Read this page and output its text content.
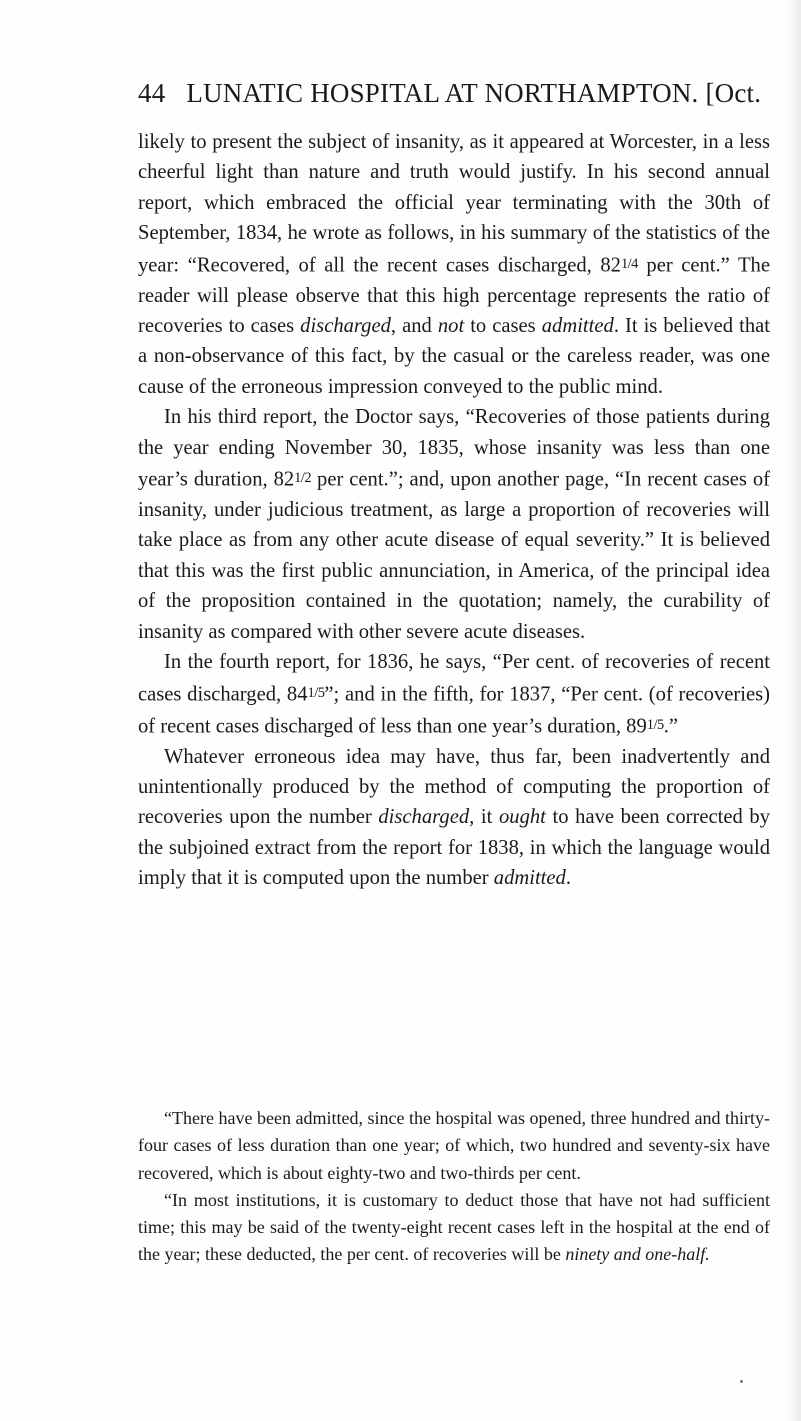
44 LUNATIC HOSPITAL AT NORTHAMPTON. [Oct.

likely to present the subject of insanity, as it appeared at Worcester, in a less cheerful light than nature and truth would justify. In his second annual report, which embraced the official year terminating with the 30th of September, 1834, he wrote as follows, in his summary of the statistics of the year: “Recovered, of all the recent cases discharged, 821/4 per cent.” The reader will please observe that this high percentage represents the ratio of recoveries to cases discharged, and not to cases admitted. It is believed that a non-observance of this fact, by the casual or the careless reader, was one cause of the erroneous impression conveyed to the public mind.

In his third report, the Doctor says, “Recoveries of those patients during the year ending November 30, 1835, whose insanity was less than one year’s duration, 821/2 per cent.”; and, upon another page, “In recent cases of insanity, under judicious treatment, as large a proportion of recoveries will take place as from any other acute disease of equal severity.” It is believed that this was the first public annunciation, in America, of the principal idea of the proposition contained in the quotation; namely, the curability of insanity as compared with other severe acute diseases.

In the fourth report, for 1836, he says, “Per cent. of recoveries of recent cases discharged, 841/5”; and in the fifth, for 1837, “Per cent. (of recoveries) of recent cases discharged of less than one year’s duration, 891/5.”

Whatever erroneous idea may have, thus far, been inadvertently and unintentionally produced by the method of computing the proportion of recoveries upon the number discharged, it ought to have been corrected by the subjoined extract from the report for 1838, in which the language would imply that it is computed upon the number admitted.

“There have been admitted, since the hospital was opened, three hundred and thirty-four cases of less duration than one year; of which, two hundred and seventy-six have recovered, which is about eighty-two and two-thirds per cent.

“In most institutions, it is customary to deduct those that have not had sufficient time; this may be said of the twenty-eight recent cases left in the hospital at the end of the year; these deducted, the per cent. of recoveries will be ninety and one-half.
